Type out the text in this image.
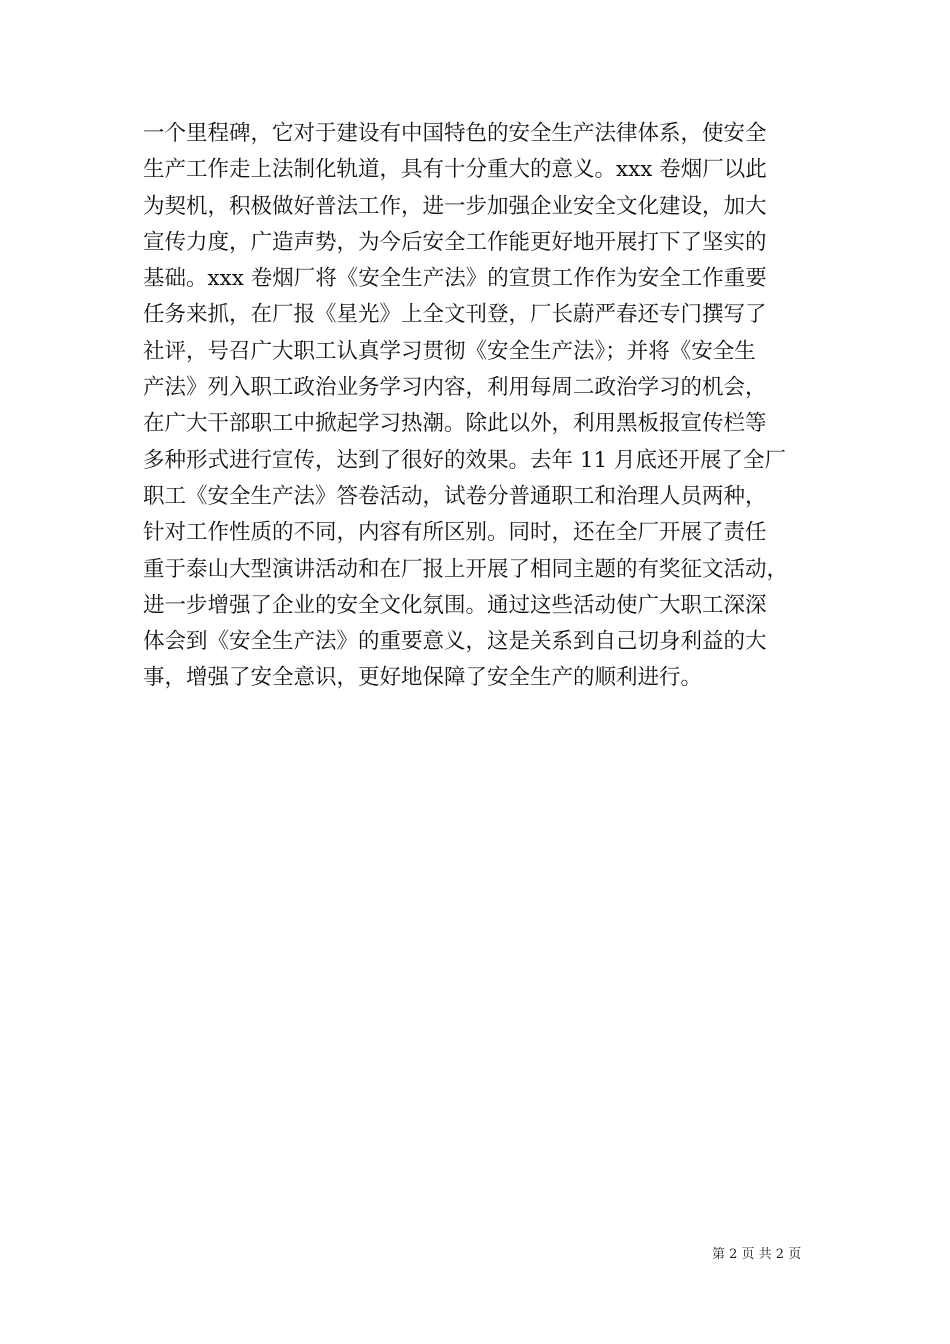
一个里程碑，它对于建设有中国特色的安全生产法律体系，使安全
生产工作走上法制化轨道，具有十分重大的意义。xxx 卷烟厂以此
为契机，积极做好普法工作，进一步加强企业安全文化建设，加大
宣传力度，广造声势，为今后安全工作能更好地开展打下了坚实的
基础。xxx 卷烟厂将《安全生产法》的宣贯工作作为安全工作重要
任务来抓，在厂报《星光》上全文刊登，厂长蔚严春还专门撰写了
社评，号召广大职工认真学习贯彻《安全生产法》；并将《安全生
产法》列入职工政治业务学习内容，利用每周二政治学习的机会，
在广大干部职工中掀起学习热潮。除此以外，利用黑板报宣传栏等
多种形式进行宣传，达到了很好的效果。去年 11 月底还开展了全厂
职工《安全生产法》答卷活动，试卷分普通职工和治理人员两种，
针对工作性质的不同，内容有所区别。同时，还在全厂开展了责任
重于泰山大型演讲活动和在厂报上开展了相同主题的有奖征文活动，
进一步增强了企业的安全文化氛围。通过这些活动使广大职工深深
体会到《安全生产法》的重要意义，这是关系到自己切身利益的大
事，增强了安全意识，更好地保障了安全生产的顺利进行。
第 2 页 共 2 页
